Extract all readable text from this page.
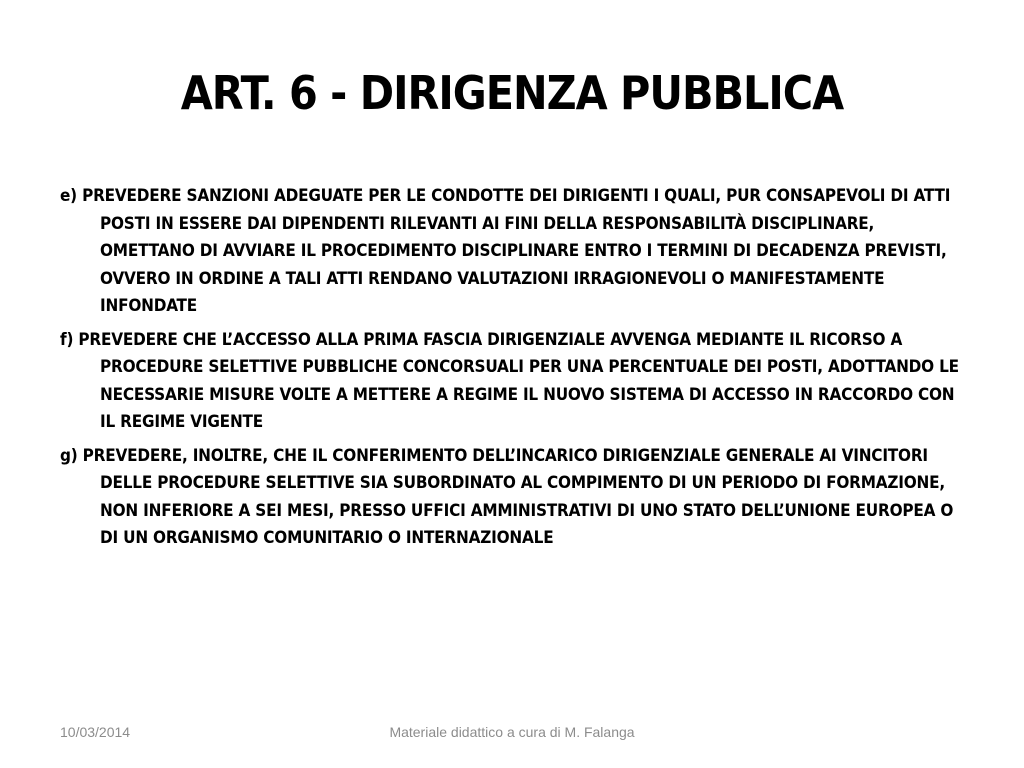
ART. 6 - DIRIGENZA PUBBLICA

e) PREVEDERE SANZIONI ADEGUATE PER LE CONDOTTE DEI DIRIGENTI I QUALI, PUR CONSAPEVOLI DI ATTI POSTI IN ESSERE DAI DIPENDENTI RILEVANTI AI FINI DELLA RESPONSABILITÀ DISCIPLINARE, OMETTANO DI AVVIARE IL PROCEDIMENTO DISCIPLINARE ENTRO I TERMINI DI DECADENZA PREVISTI, OVVERO IN ORDINE A TALI ATTI RENDANO VALUTAZIONI IRRAGIONEVOLI O MANIFESTAMENTE INFONDATE

f) PREVEDERE CHE L’ACCESSO ALLA PRIMA FASCIA DIRIGENZIALE AVVENGA MEDIANTE IL RICORSO A PROCEDURE SELETTIVE PUBBLICHE CONCORSUALI PER UNA PERCENTUALE DEI POSTI, ADOTTANDO LE NECESSARIE MISURE VOLTE A METTERE A REGIME IL NUOVO SISTEMA DI ACCESSO IN RACCORDO CON IL REGIME VIGENTE

g) PREVEDERE, INOLTRE, CHE IL CONFERIMENTO DELL’INCARICO DIRIGENZIALE GENERALE AI VINCITORI DELLE PROCEDURE SELETTIVE SIA SUBORDINATO AL COMPIMENTO DI UN PERIODO DI FORMAZIONE, NON INFERIORE A SEI MESI, PRESSO UFFICI AMMINISTRATIVI DI UNO STATO DELL’UNIONE EUROPEA O DI UN ORGANISMO COMUNITARIO O INTERNAZIONALE

10/03/2014	Materiale didattico a cura di M. Falanga
